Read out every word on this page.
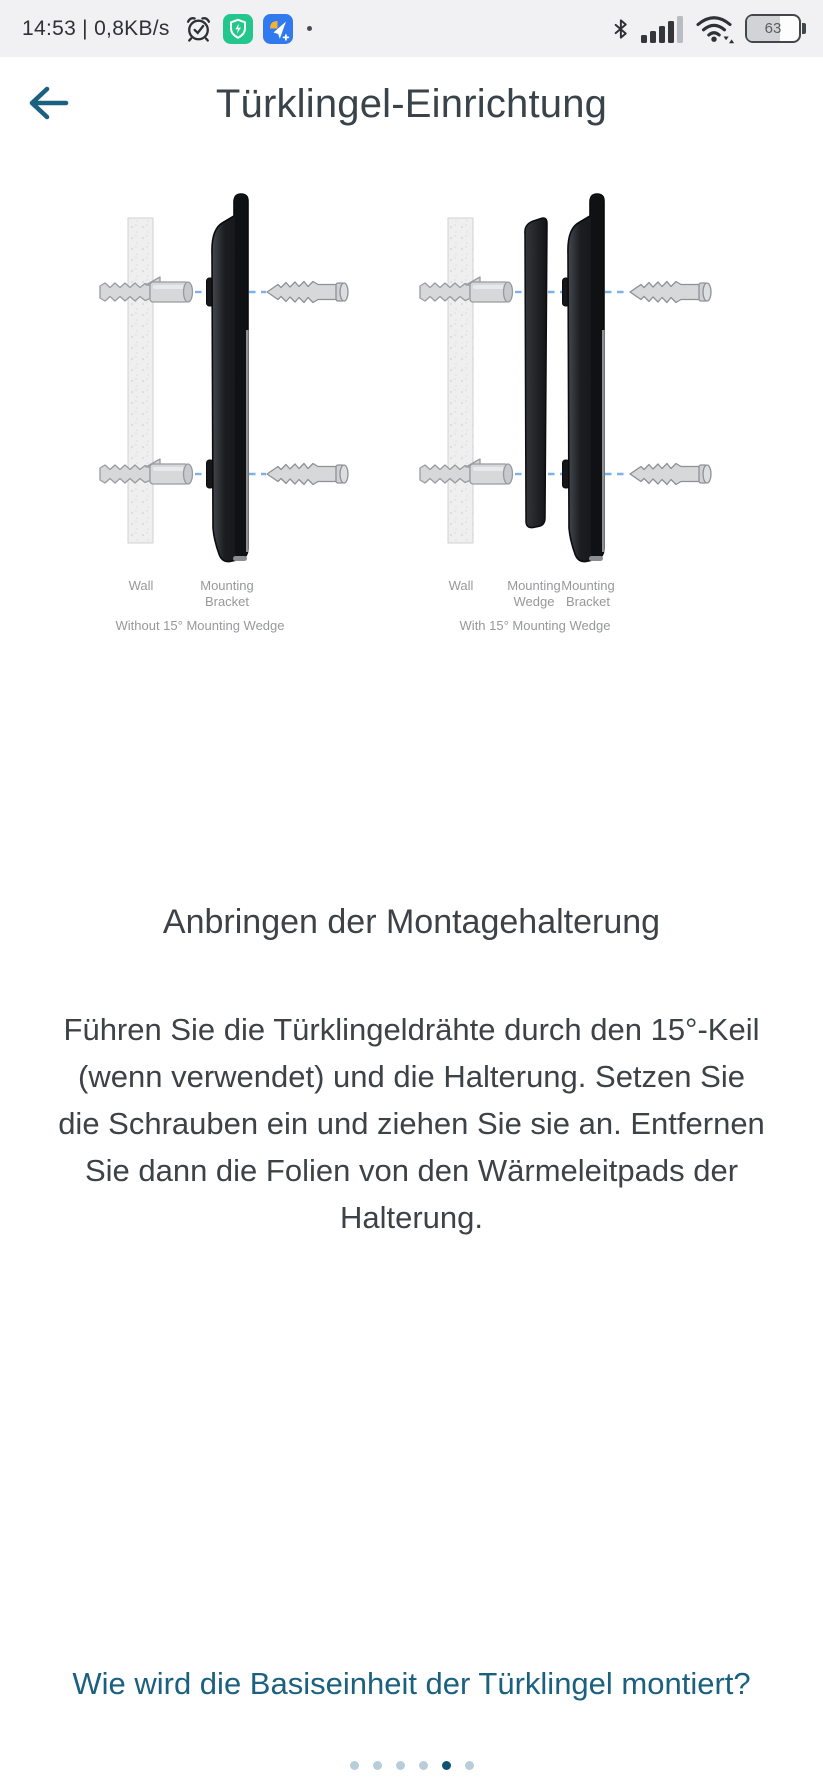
14:53 | 0,8KB/s	63
Türklingel-Einrichtung
Wall	Mounting Bracket
Wall	Mounting Wedge
Mounting Bracket
Without 15° Mounting Wedge	With 15° Mounting Wedge
Anbringen der Montagehalterung

Führen Sie die Türklingeldrähte durch den 15°-Keil (wenn verwendet) und die Halterung. Setzen Sie die Schrauben ein und ziehen Sie sie an. Entfernen Sie dann die Folien von den Wärmeleitpads der Halterung.

Wie wird die Basiseinheit der Türklingel montiert?
